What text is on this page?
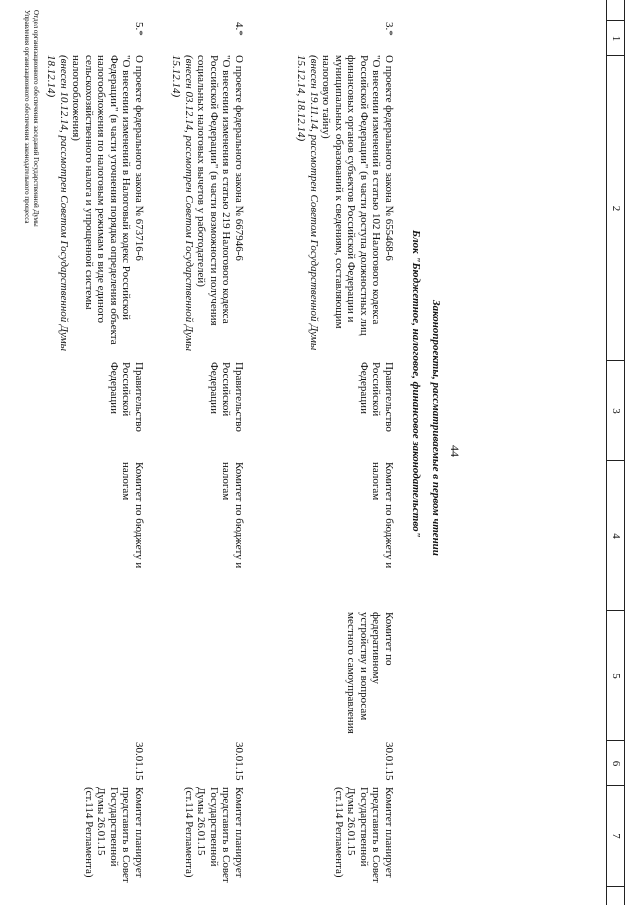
1
2
3
4
5
6
7
44
Законопроекты, рассматриваемые в первом чтении
Блок "Бюджетное, налоговое, финансовое законодательство"
3.*
О проекте федерального закона № 655468-6
"О внесении изменений в статью 102 Налогового кодекса Российской Федерации" (в части доступа должностных лиц финансовых органов субъектов Российской Федерации и муниципальных образований к сведениям, составляющим налоговую тайну)
(внесен 19.11.14, рассмотрен Советом Государственной Думы 15.12.14, 18.12.14)
Правительство Российской Федерации
Комитет по бюджету и налогам
Комитет по федеративному устройству и вопросам местного самоуправления
30.01.15
Комитет планирует представить в Совет Государственной Думы 26.01.15 (ст.114 Регламента)
4.*
О проекте федерального закона № 667946-6
"О внесении изменения в статью 219 Налогового кодекса Российской Федерации" (в части возможности получения социальных налоговых вычетов у работодателей)
(внесен 03.12.14, рассмотрен Советом Государственной Думы 15.12.14)
Правительство Российской Федерации
Комитет по бюджету и налогам
30.01.15
Комитет планирует представить в Совет Государственной Думы 26.01.15 (ст.114 Регламента)
5.*
О проекте федерального закона № 673716-6
"О внесении изменений в Налоговый кодекс Российской Федерации" (в части уточнения порядка определения объекта налогообложения по налоговым режимам в виде единого сельскохозяйственного налога и упрощенной системы налогообложения)
(внесен 10.12.14, рассмотрен Советом Государственной Думы 18.12.14)
Правительство Российской Федерации
Комитет по бюджету и налогам
30.01.15
Комитет планирует представить в Совет Государственной Думы 26.01.15 (ст.114 Регламента)
Отдел организационного обеспечения заседаний Государственной Думы
Управления организационного обеспечения законодательного процесса
